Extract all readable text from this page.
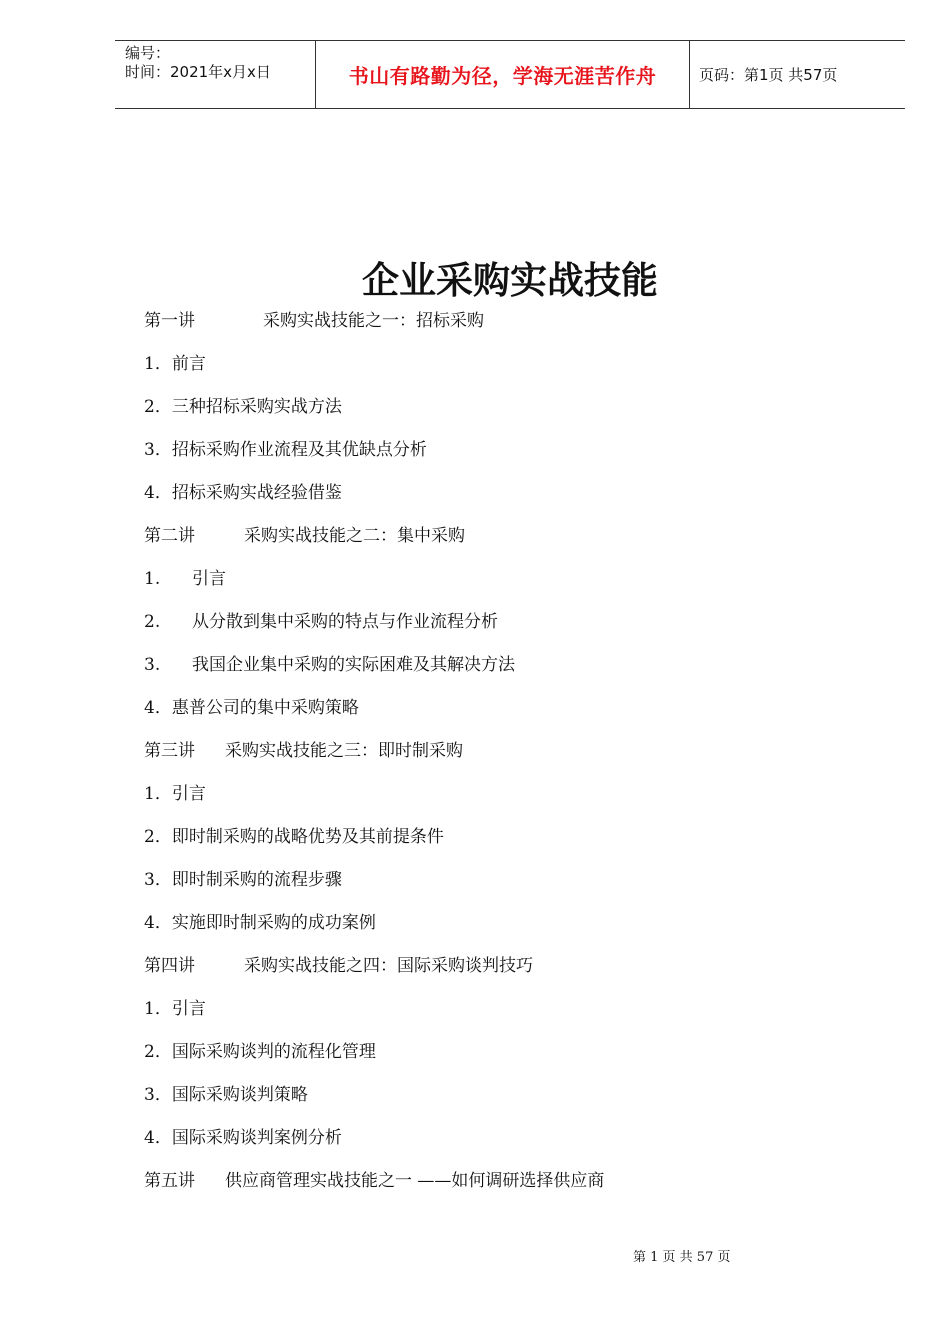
编号：
时间：2021年x月x日	书山有路勤为径，学海无涯苦作舟	页码：第1页 共57页
企业采购实战技能
第一讲	采购实战技能之一：招标采购
1．前言
2．三种招标采购实战方法
3．招标采购作业流程及其优缺点分析
4．招标采购实战经验借鉴
第二讲	采购实战技能之二：集中采购
1. 引言
2. 从分散到集中采购的特点与作业流程分析
3. 我国企业集中采购的实际困难及其解决方法
4．惠普公司的集中采购策略
第三讲 采购实战技能之三：即时制采购
1．引言
2．即时制采购的战略优势及其前提条件
3．即时制采购的流程步骤
4．实施即时制采购的成功案例
第四讲	采购实战技能之四：国际采购谈判技巧
1．引言
2．国际采购谈判的流程化管理
3．国际采购谈判策略
4．国际采购谈判案例分析
第五讲 供应商管理实战技能之一 ——如何调研选择供应商
第 1 页 共 57 页
